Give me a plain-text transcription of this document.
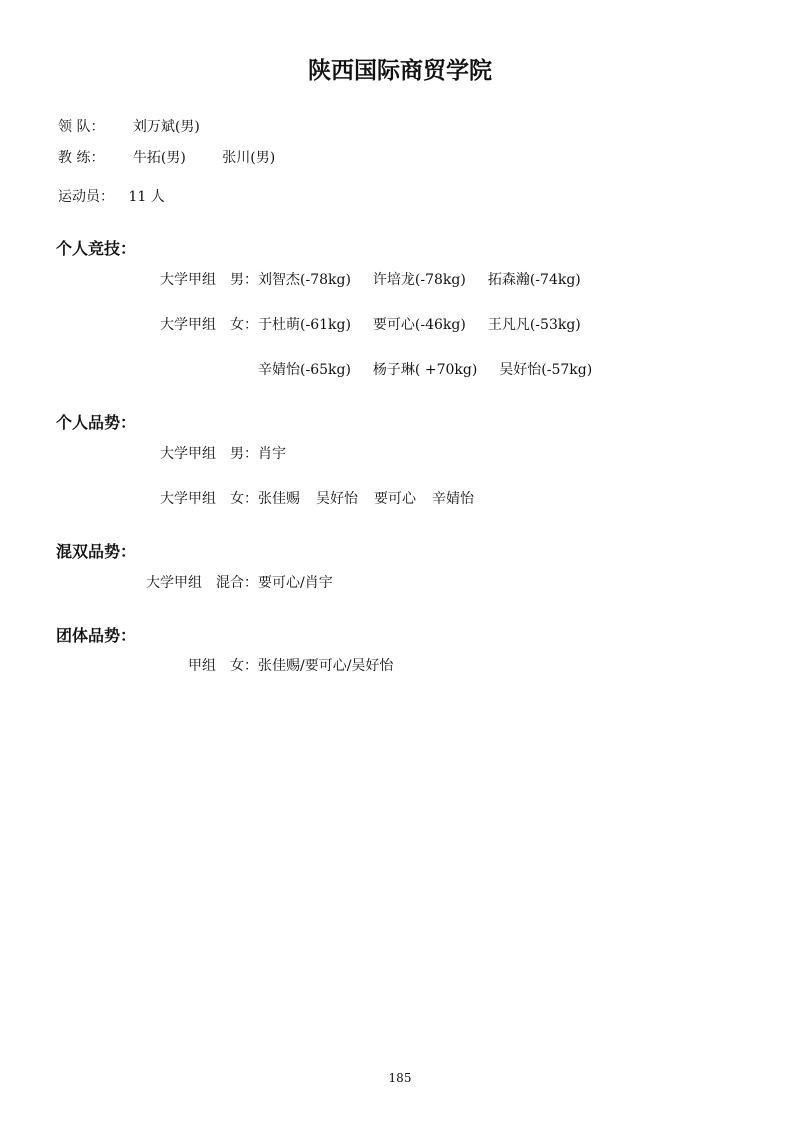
陕西国际商贸学院
领 队： 刘万斌(男)
教 练： 牛拓(男)	张川(男)
运动员： 11 人
个人竞技：
大学甲组　男： 刘智杰(-78kg) 许培龙(-78kg) 拓森瀚(-74kg)
大学甲组　女： 于杜萌(-61kg) 要可心(-46kg) 王凡凡(-53kg)
辛婧怡(-65kg) 杨子琳( +70kg) 吴好怡(-57kg)
个人品势：
大学甲组　男： 肖宇
大学甲组　女： 张佳赐 吴好怡 要可心 辛婧怡
混双品势：
大学甲组　混合： 要可心/肖宇
团体品势：
甲组　女： 张佳赐/要可心/吴好怡
185
